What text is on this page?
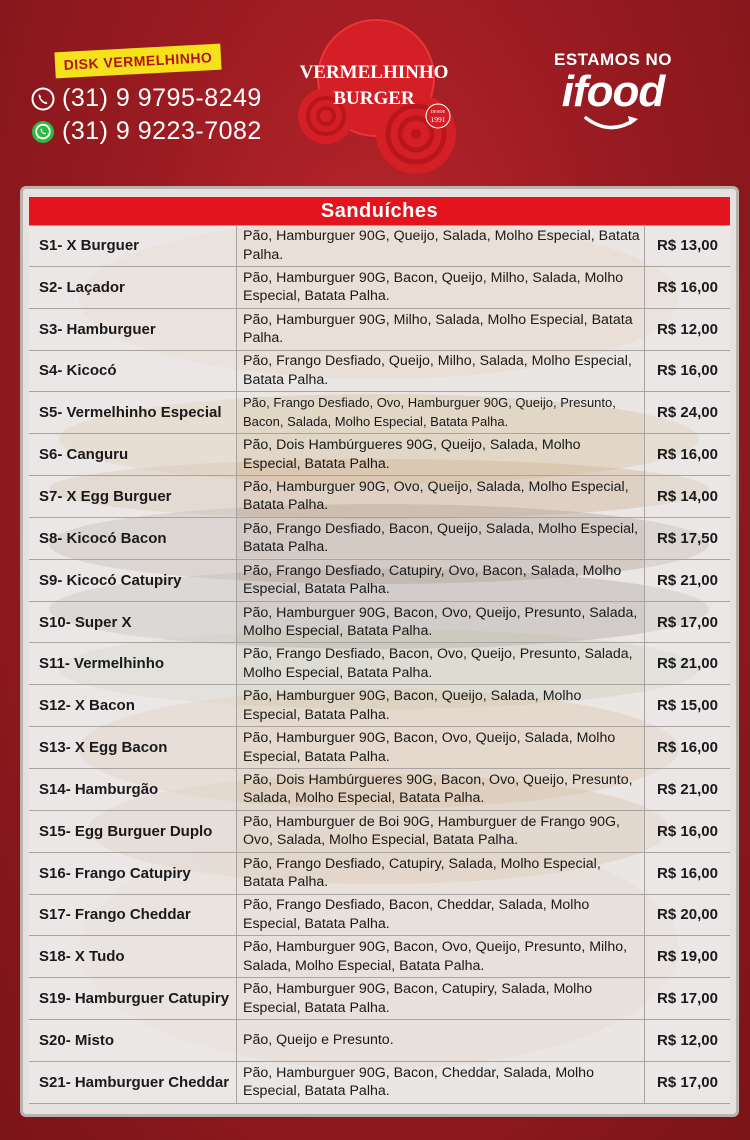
DISK VERMELHINHO
(31) 9 9795-8249
(31) 9 9223-7082
DESDE
1991
VERMELHINHO
BURGER
ESTAMOS NO
ifood
Sanduíches
S1- X Burguer
Pão, Hamburguer 90G, Queijo, Salada, Molho Especial, Batata Palha.
R$ 13,00
S2- Laçador
Pão, Hamburguer 90G, Bacon, Queijo, Milho, Salada, Molho Especial, Batata Palha.
R$ 16,00
S3- Hamburguer
Pão, Hamburguer 90G, Milho, Salada, Molho Especial, Batata Palha.
R$ 12,00
S4- Kicocó
Pão, Frango Desfiado, Queijo, Milho, Salada, Molho Especial, Batata Palha.
R$ 16,00
S5- Vermelhinho Especial
Pão, Frango Desfiado, Ovo, Hamburguer 90G, Queijo, Presunto, Bacon, Salada, Molho Especial, Batata Palha.	R$ 24,00
S6- Canguru
Pão, Dois Hambúrgueres 90G, Queijo, Salada, Molho Especial, Batata Palha.
R$ 16,00
S7- X Egg Burguer
Pão, Hamburguer 90G, Ovo, Queijo, Salada, Molho Especial, Batata Palha.
R$ 14,00
S8- Kicocó Bacon
Pão, Frango Desfiado, Bacon, Queijo, Salada, Molho Especial, Batata Palha.
R$ 17,50
S9- Kicocó Catupiry
Pão, Frango Desfiado, Catupiry, Ovo, Bacon, Salada, Molho Especial, Batata Palha.
R$ 21,00
S10- Super X
Pão, Hamburguer 90G, Bacon, Ovo, Queijo, Presunto, Salada, Molho Especial, Batata Palha.
R$ 17,00
S11- Vermelhinho
Pão, Frango Desfiado, Bacon, Ovo, Queijo, Presunto, Salada, Molho Especial, Batata Palha.
R$ 21,00
S12- X Bacon
Pão, Hamburguer 90G, Bacon, Queijo, Salada, Molho Especial, Batata Palha.
R$ 15,00
S13- X Egg Bacon
Pão, Hamburguer 90G, Bacon, Ovo, Queijo, Salada, Molho Especial, Batata Palha.
R$ 16,00
S14- Hamburgão
Pão, Dois Hambúrgueres 90G, Bacon, Ovo, Queijo, Presunto, Salada, Molho Especial, Batata Palha.
R$ 21,00
S15- Egg Burguer Duplo
Pão, Hamburguer de Boi 90G, Hamburguer de Frango 90G, Ovo, Salada, Molho Especial, Batata Palha.
R$ 16,00
S16- Frango Catupiry
Pão, Frango Desfiado, Catupiry, Salada, Molho Especial, Batata Palha.
R$ 16,00
S17- Frango Cheddar
Pão, Frango Desfiado, Bacon, Cheddar, Salada, Molho Especial, Batata Palha.
R$ 20,00
S18- X Tudo
Pão, Hamburguer 90G, Bacon, Ovo, Queijo, Presunto, Milho, Salada, Molho Especial, Batata Palha.
R$ 19,00
S19- Hamburguer Catupiry
Pão, Hamburguer 90G, Bacon, Catupiry, Salada, Molho Especial, Batata Palha.
R$ 17,00
S20- Misto	Pão, Queijo e Presunto.	R$ 12,00
S21- Hamburguer Cheddar
Pão, Hamburguer 90G, Bacon, Cheddar, Salada, Molho Especial, Batata Palha.
R$ 17,00
